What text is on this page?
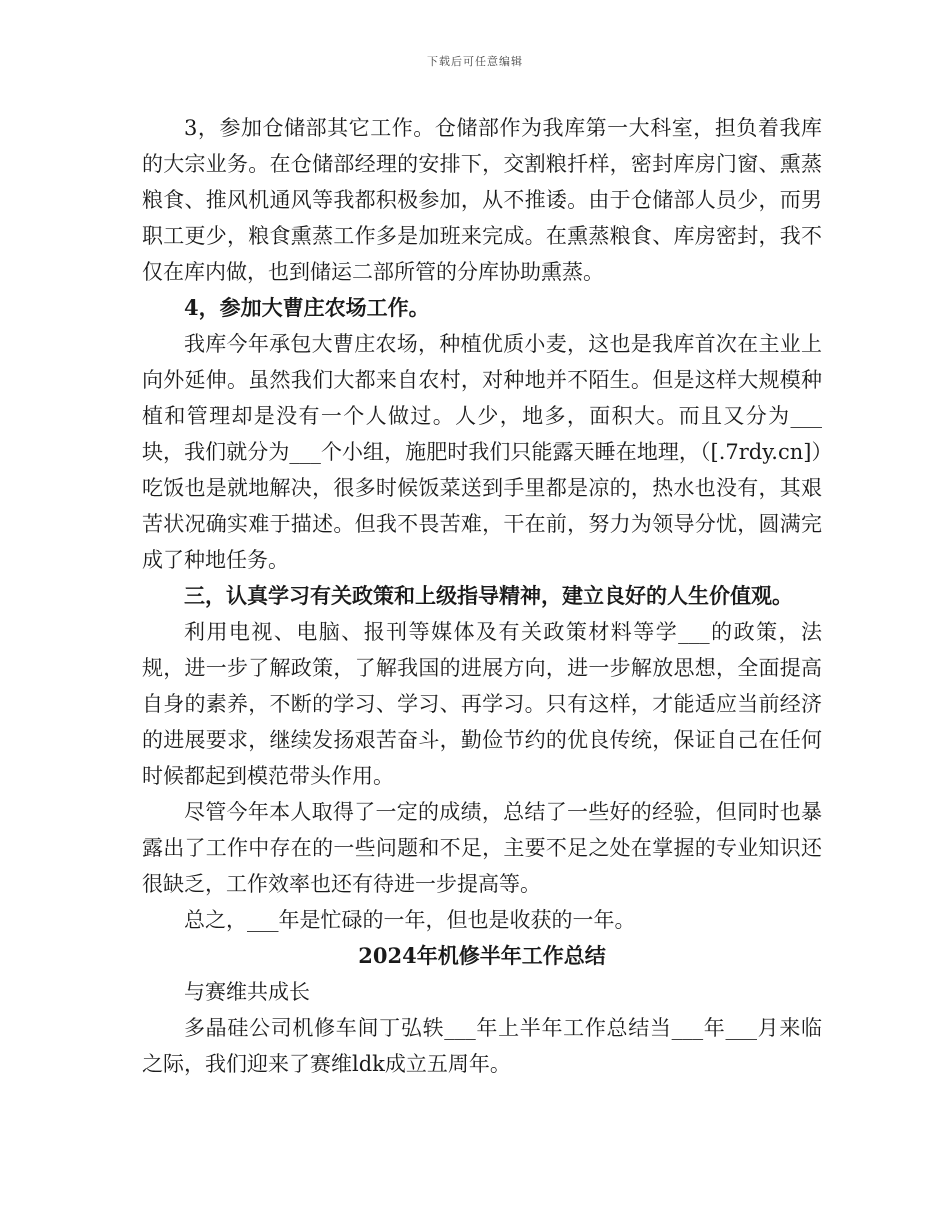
下载后可任意编辑

3，参加仓储部其它工作。仓储部作为我库第一大科室，担负着我库的大宗业务。在仓储部经理的安排下，交割粮扦样，密封库房门窗、熏蒸粮食、推风机通风等我都积极参加，从不推诿。由于仓储部人员少，而男职工更少，粮食熏蒸工作多是加班来完成。在熏蒸粮食、库房密封，我不仅在库内做，也到储运二部所管的分库协助熏蒸。

4，参加大曹庄农场工作。

我库今年承包大曹庄农场，种植优质小麦，这也是我库首次在主业上向外延伸。虽然我们大都来自农村，对种地并不陌生。但是这样大规模种植和管理却是没有一个人做过。人少，地多，面积大。而且又分为___块，我们就分为___个小组，施肥时我们只能露天睡在地理，（[.7rdy.cn]）吃饭也是就地解决，很多时候饭菜送到手里都是凉的，热水也没有，其艰苦状况确实难于描述。但我不畏苦难，干在前，努力为领导分忧，圆满完成了种地任务。

三，认真学习有关政策和上级指导精神，建立良好的人生价值观。

利用电视、电脑、报刊等媒体及有关政策材料等学___的政策，法规，进一步了解政策，了解我国的进展方向，进一步解放思想，全面提高自身的素养，不断的学习、学习、再学习。只有这样，才能适应当前经济的进展要求，继续发扬艰苦奋斗，勤俭节约的优良传统，保证自己在任何时候都起到模范带头作用。

尽管今年本人取得了一定的成绩，总结了一些好的经验，但同时也暴露出了工作中存在的一些问题和不足，主要不足之处在掌握的专业知识还很缺乏，工作效率也还有待进一步提高等。

总之，___年是忙碌的一年，但也是收获的一年。

2024年机修半年工作总结

与赛维共成长

多晶硅公司机修车间丁弘轶___年上半年工作总结当___年___月来临之际，我们迎来了赛维ldk成立五周年。
